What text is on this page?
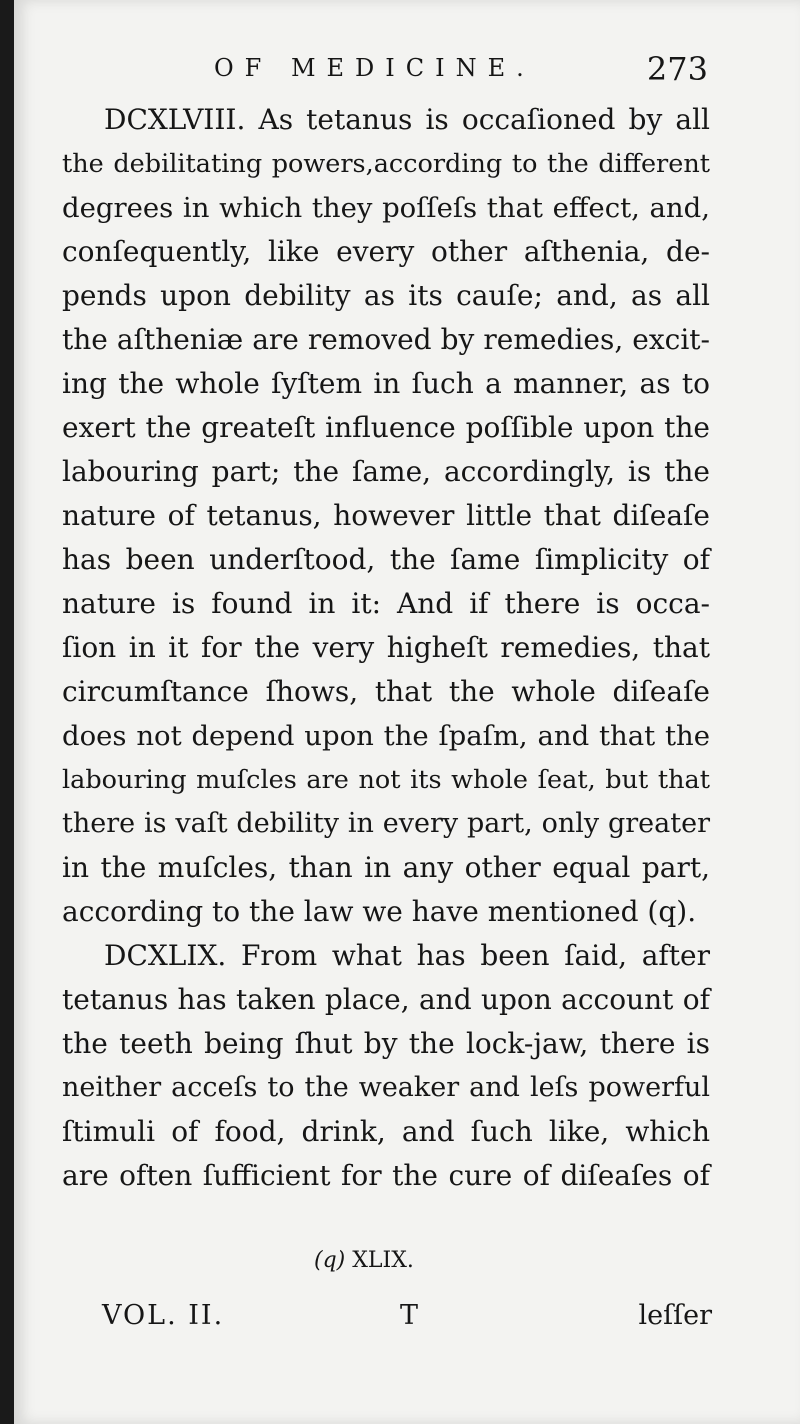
OF MEDICINE.	273
DCXLVIII. As tetanus is occaſioned by all
the debilitating powers,according to the different
degrees in which they poſſeſs that effect, and,
conſequently, like every other aſthenia, de-
pends upon debility as its cauſe; and, as all
the aſtheniæ are removed by remedies, excit-
ing the whole ſyſtem in ſuch a manner, as to
exert the greateſt influence poſſible upon the
labouring part; the ſame, accordingly, is the
nature of tetanus, however little that diſeaſe
has been underſtood, the ſame ſimplicity of
nature is found in it: And if there is occa-
ſion in it for the very higheſt remedies, that
circumſtance ſhows, that the whole diſeaſe
does not depend upon the ſpaſm, and that the
labouring muſcles are not its whole ſeat, but that
there is vaſt debility in every part, only greater
in the muſcles, than in any other equal part,
according to the law we have mentioned (q).
DCXLIX. From what has been ſaid, after
tetanus has taken place, and upon account of
the teeth being ſhut by the lock-jaw, there is
neither acceſs to the weaker and leſs powerful
ſtimuli of food, drink, and ſuch like, which
are often ſufficient for the cure of diſeaſes of
(q) XLIX.
VOL. II.	T	leſſer
